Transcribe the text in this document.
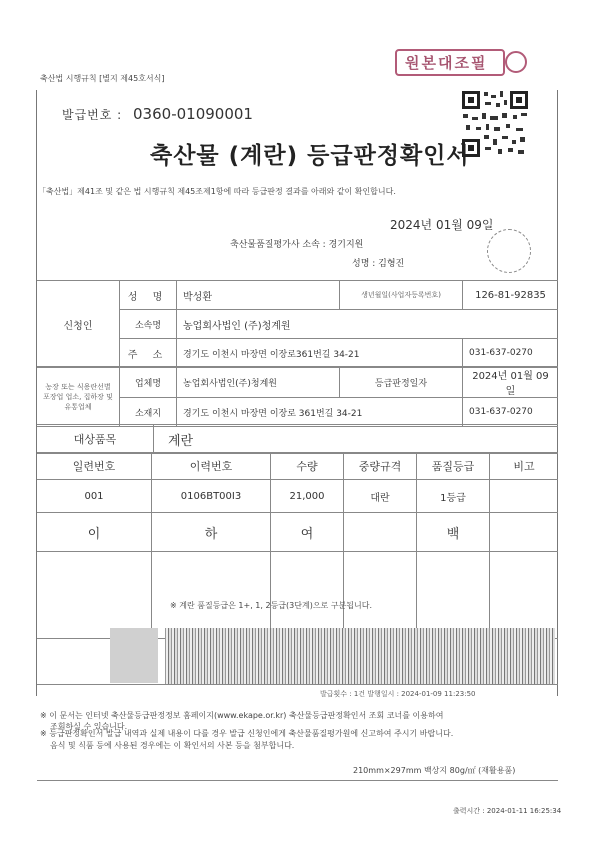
축산법 시행규칙 [별지 제45호서식]
원본대조필
발급번호 : 0360-01090001
축산물 (계란) 등급판정확인서
「축산법」제41조 및 같은 법 시행규칙 제45조제1항에 따라 등급판정 결과를 아래와 같이 확인합니다.
2024년 01월 09일
축산물품질평가사 소속 : 경기지원
성명 : 김형진
신청인	성 명	박성환	생년월일(사업자등록번호)	126-81-92835
	소속명	농업회사법인 (주)청계원		
	주 소	경기도 이천시 마장면 이장로361번길 34-21		031-637-0270
농장 또는 식용란선별포장업 업소, 집하장 및 유통업체	업체명	농업회사법인(주)청계원	등급판정일자	2024년 01월 09일
	소재지	경기도 이천시 마장면 이장로 361번길 34-21		031-637-0270
대상품목	계란
일련번호	이력번호	수량	중량규격	품질등급	비고
001	0106BT00I3	21,000	대란	1등급	
이	하	여		백	

※ 계란 품질등급은 1+, 1, 2등급(3단계)으로 구분됩니다.
발급횟수 : 1건 발행일시 : 2024-01-09 11:23:50
※ 이 문서는 인터넷 축산물등급판정정보 홈페이지(www.ekape.or.kr) 축산물등급판정확인서 조회 코너를 이용하여
조회하실 수 있습니다.
※ 등급판정확인서 발급 내역과 실제 내용이 다를 경우 발급 신청인에게 축산물품질평가원에 신고하여 주시기 바랍니다.
음식 및 식품 등에 사용된 경우에는 이 확인서의 사본 등을 첨부합니다.
210mm×297mm 백상지 80g/㎡ (재활용품)
출력시간 : 2024-01-11 16:25:34
